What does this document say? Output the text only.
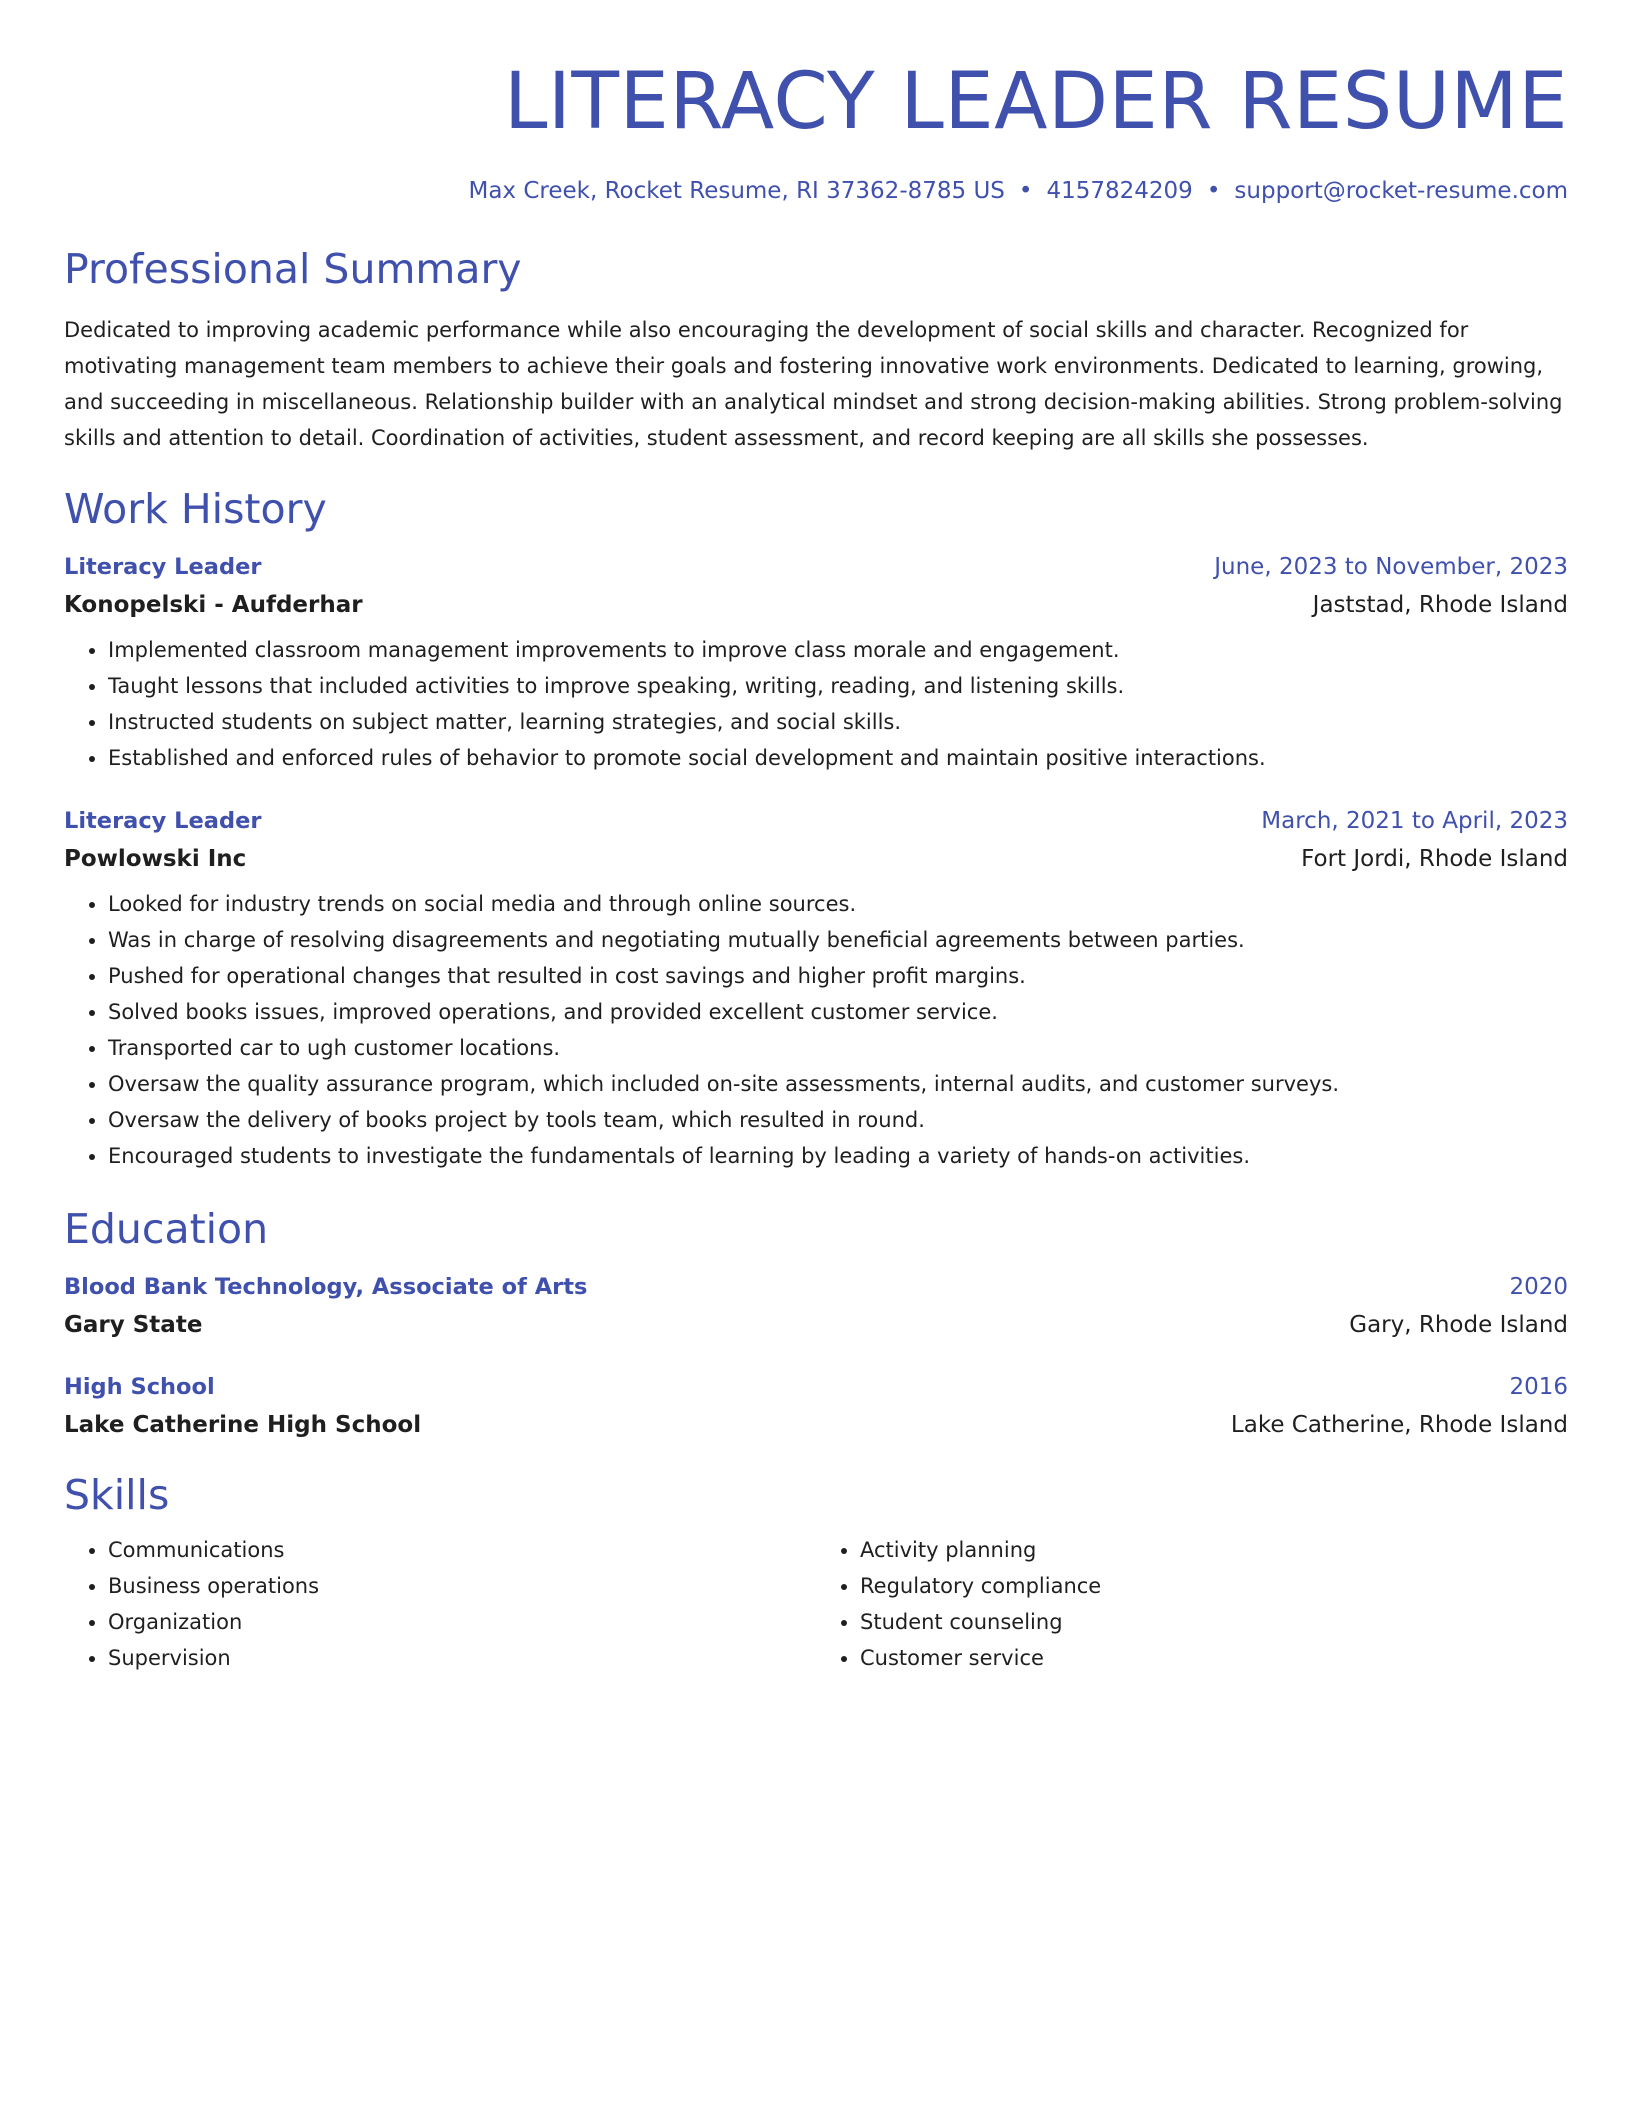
LITERACY LEADER RESUME
Max Creek, Rocket Resume, RI 37362-8785 US • 4157824209 • support@rocket-resume.com
Professional Summary

Dedicated to improving academic performance while also encouraging the development of social skills and character. Recognized for motivating management team members to achieve their goals and fostering innovative work environments. Dedicated to learning, growing, and succeeding in miscellaneous. Relationship builder with an analytical mindset and strong decision-making abilities. Strong problem-solving skills and attention to detail. Coordination of activities, student assessment, and record keeping are all skills she possesses.

Work History
Literacy Leader	June, 2023 to November, 2023
Konopelski - Aufderhar	Jaststad, Rhode Island
• Implemented classroom management improvements to improve class morale and engagement.
• Taught lessons that included activities to improve speaking, writing, reading, and listening skills.
• Instructed students on subject matter, learning strategies, and social skills.
• Established and enforced rules of behavior to promote social development and maintain positive interactions.
Literacy Leader	March, 2021 to April, 2023
Powlowski Inc	Fort Jordi, Rhode Island
• Looked for industry trends on social media and through online sources.
• Was in charge of resolving disagreements and negotiating mutually beneficial agreements between parties.
• Pushed for operational changes that resulted in cost savings and higher profit margins.
• Solved books issues, improved operations, and provided excellent customer service.
• Transported car to ugh customer locations.
• Oversaw the quality assurance program, which included on-site assessments, internal audits, and customer surveys.
• Oversaw the delivery of books project by tools team, which resulted in round.
• Encouraged students to investigate the fundamentals of learning by leading a variety of hands-on activities.
Education
Blood Bank Technology, Associate of Arts	2020
Gary State	Gary, Rhode Island
High School	2016
Lake Catherine High School	Lake Catherine, Rhode Island
Skills
• Communications
• Business operations
• Organization
• Supervision
• Activity planning
• Regulatory compliance
• Student counseling
• Customer service
